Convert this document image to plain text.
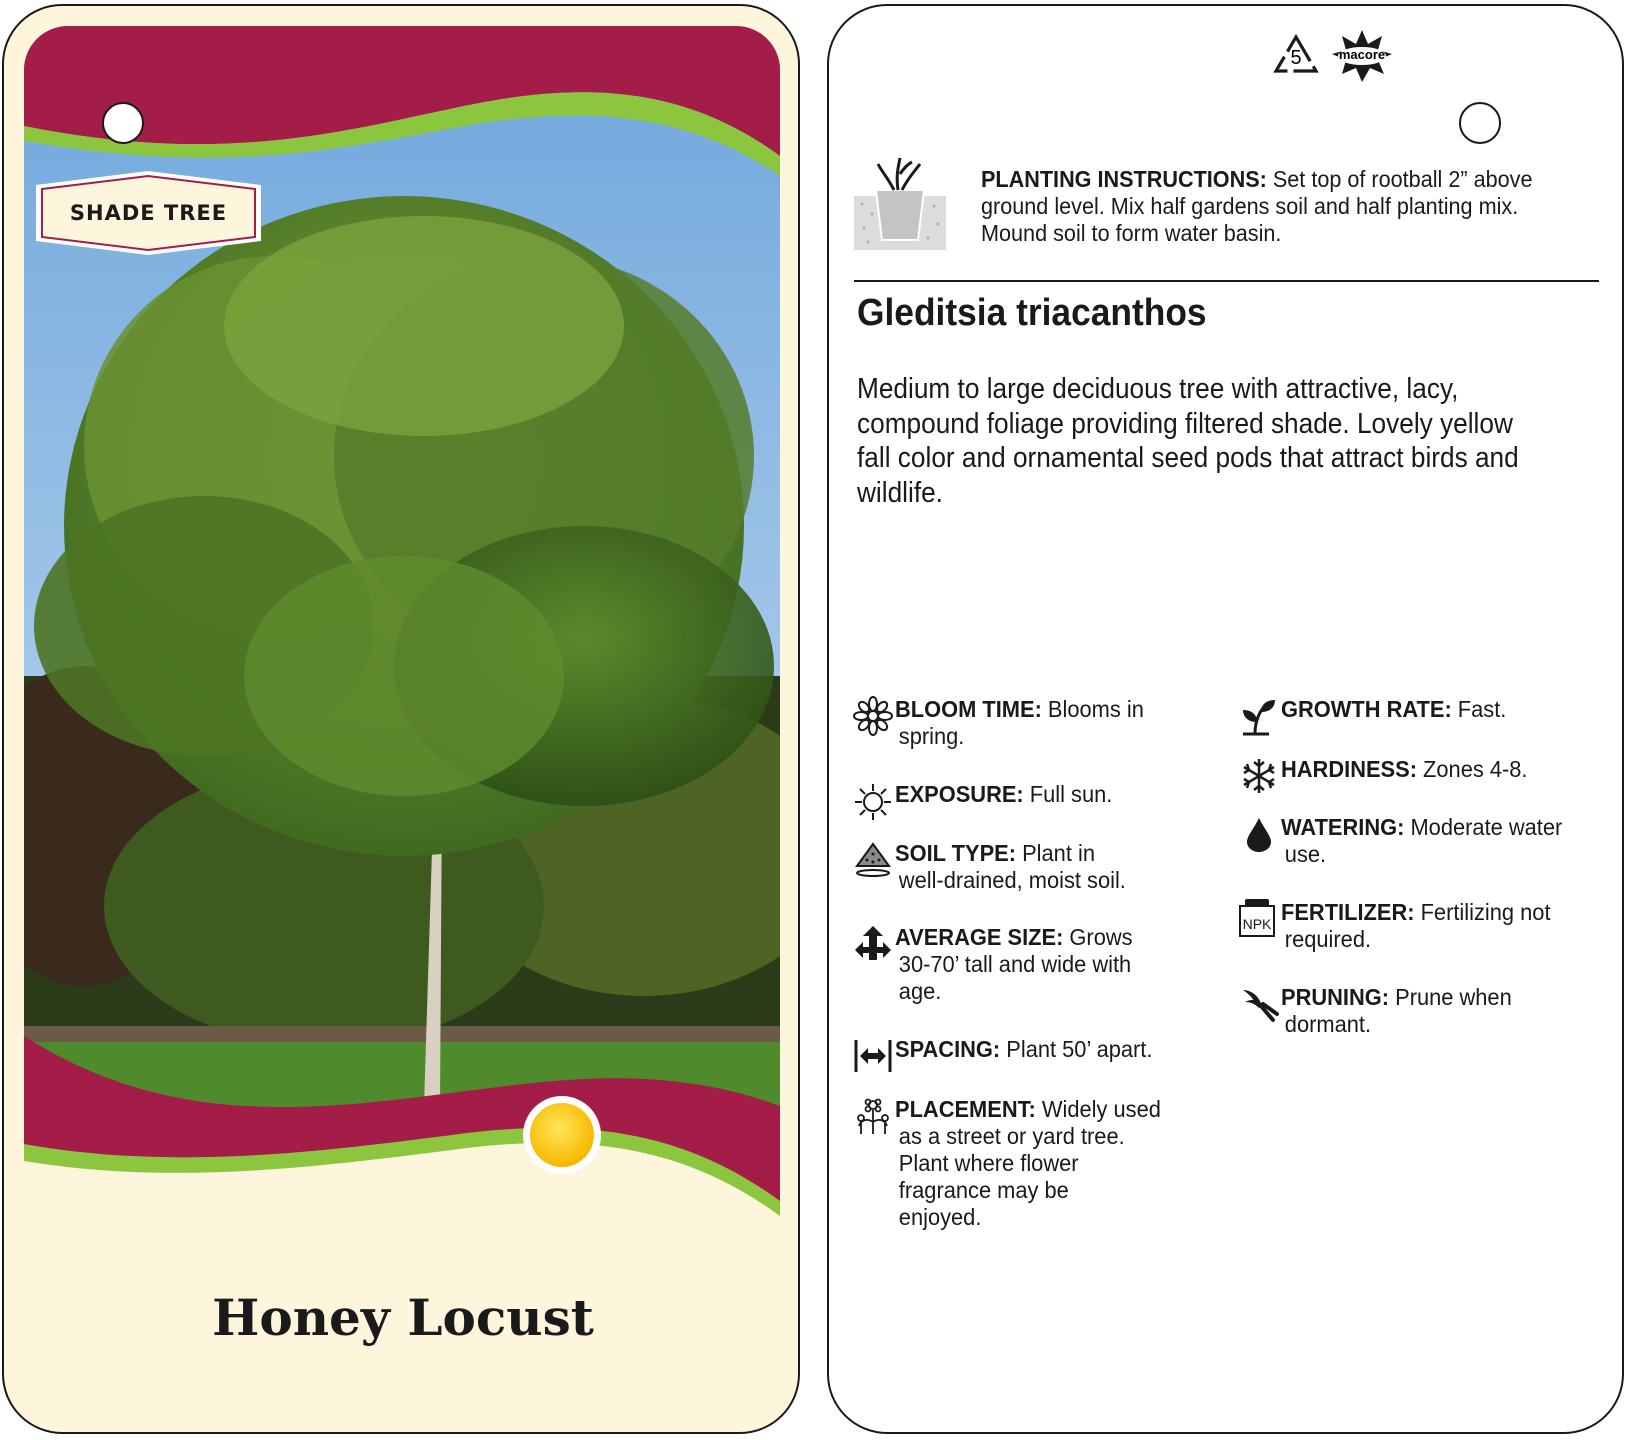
SHADE TREE
Honey Locust
5	macore
PLANTING INSTRUCTIONS: Set top of rootball 2” above
ground level. Mix half gardens soil and half planting mix.
Mound soil to form water basin.
Gleditsia triacanthos
Medium to large deciduous tree with attractive, lacy,
compound foliage providing filtered shade. Lovely yellow
fall color and ornamental seed pods that attract birds and
wildlife.
BLOOM TIME: Blooms in
spring.
EXPOSURE: Full sun.
SOIL TYPE: Plant in
well-drained, moist soil.
AVERAGE SIZE: Grows
30-70’ tall and wide with
age.
SPACING: Plant 50’ apart.
PLACEMENT: Widely used
as a street or yard tree.
Plant where flower
fragrance may be
enjoyed.
GROWTH RATE: Fast.
HARDINESS: Zones 4-8.
WATERING: Moderate water
use.
NPK FERTILIZER: Fertilizing not
required.
PRUNING: Prune when
dormant.
